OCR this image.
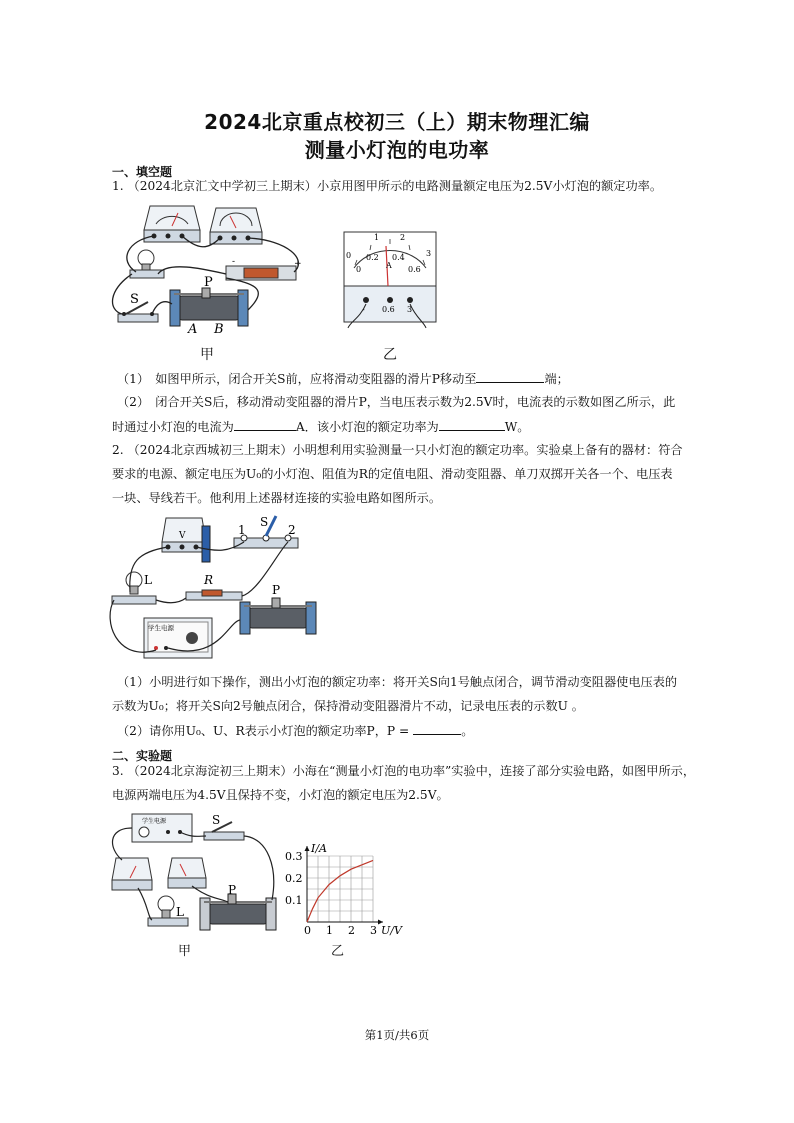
2024北京重点校初三（上）期末物理汇编
测量小灯泡的电功率
一、填空题
1. （2024北京汇文中学初三上期末）小京用图甲所示的电路测量额定电压为2.5V小灯泡的额定功率。
-	+
S
P
A B
甲
0
1	2
3
0
0.2 0.4
0.6
A
- 0.6 3
乙
（1）　如图甲所示，闭合开关S前，应将滑动变阻器的滑片P移动至	端；
（2）　闭合开关S后，移动滑动变阻器的滑片P，当电压表示数为2.5V时，电流表的示数如图乙所示，此
时通过小灯泡的电流为	A．该小灯泡的额定功率为	W。
2. （2024北京西城初三上期末）小明想利用实验测量一只小灯泡的额定功率。实验桌上备有的器材：符合
要求的电源、额定电压为U₀的小灯泡、阻值为R的定值电阻、滑动变阻器、单刀双掷开关各一个、电压表
一块、导线若干。他利用上述器材连接的实验电路如图所示。
V	1
S
2
L	R
P
学生电源
（1）小明进行如下操作，测出小灯泡的额定功率：将开关S向1号触点闭合，调节滑动变阻器使电压表的
示数为U₀；将开关S向2号触点闭合，保持滑动变阻器滑片不动，记录电压表的示数U 。
（2）请你用U₀、U、R表示小灯泡的额定功率P，P =	。
二、实验题
3. （2024北京海淀初三上期末）小海在“测量小灯泡的电功率”实验中，连接了部分实验电路，如图甲所示，
电源两端电压为4.5V且保持不变，小灯泡的额定电压为2.5V。
学生电源	S
L
P
甲
0 1 2 3
0.1
0.2
0.3
I/A
U/V
乙
第1页/共6页
